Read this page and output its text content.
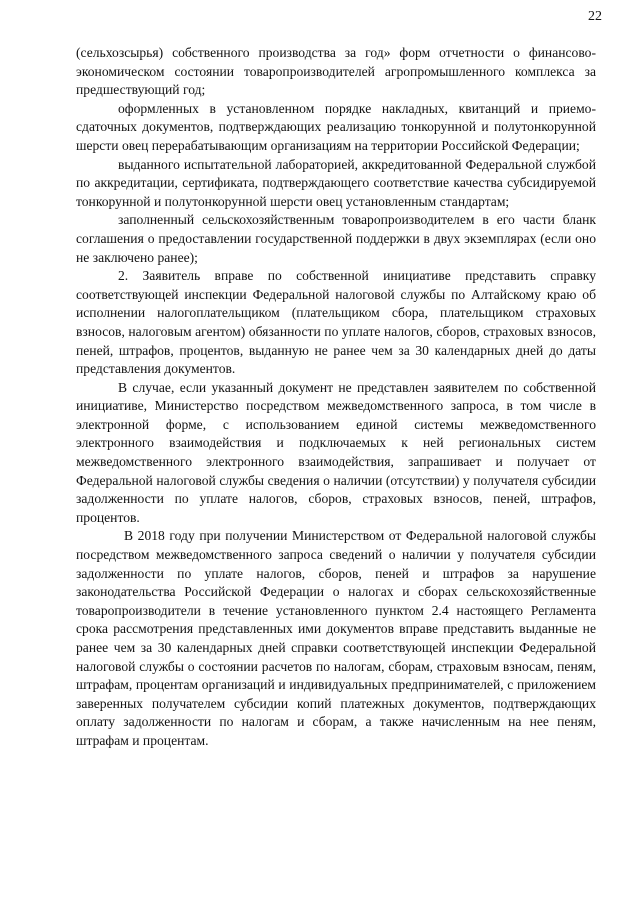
22

(сельхозсырья) собственного производства за год» форм отчетности о финансово-экономическом состоянии товаропроизводителей агропромышленного комплекса за предшествующий год;

оформленных в установленном порядке накладных, квитанций и приемо-сдаточных документов, подтверждающих реализацию тонкорунной и полутонкорунной шерсти овец перерабатывающим организациям на территории Российской Федерации;

выданного испытательной лабораторией, аккредитованной Федеральной службой по аккредитации, сертификата, подтверждающего соответствие качества субсидируемой тонкорунной и полутонкорунной шерсти овец установленным стандартам;

заполненный сельскохозяйственным товаропроизводителем в его части бланк соглашения о предоставлении государственной поддержки в двух экземплярах (если оно не заключено ранее);

2. Заявитель вправе по собственной инициативе представить справку соответствующей инспекции Федеральной налоговой службы по Алтайскому краю об исполнении налогоплательщиком (плательщиком сбора, плательщиком страховых взносов, налоговым агентом) обязанности по уплате налогов, сборов, страховых взносов, пеней, штрафов, процентов, выданную не ранее чем за 30 календарных дней до даты представления документов.

В случае, если указанный документ не представлен заявителем по собственной инициативе, Министерство посредством межведомственного запроса, в том числе в электронной форме, с использованием единой системы межведомственного электронного взаимодействия и подключаемых к ней региональных систем межведомственного электронного взаимодействия, запрашивает и получает от Федеральной налоговой службы сведения о наличии (отсутствии) у получателя субсидии задолженности по уплате налогов, сборов, страховых взносов, пеней, штрафов, процентов.

В 2018 году при получении Министерством от Федеральной налоговой службы посредством межведомственного запроса сведений о наличии у получателя субсидии задолженности по уплате налогов, сборов, пеней и штрафов за нарушение законодательства Российской Федерации о налогах и сборах сельскохозяйственные товаропроизводители в течение установленного пунктом 2.4 настоящего Регламента срока рассмотрения представленных ими документов вправе представить выданные не ранее чем за 30 календарных дней справки соответствующей инспекции Федеральной налоговой службы о состоянии расчетов по налогам, сборам, страховым взносам, пеням, штрафам, процентам организаций и индивидуальных предпринимателей, с приложением заверенных получателем субсидии копий платежных документов, подтверждающих оплату задолженности по налогам и сборам, а также начисленным на нее пеням, штрафам и процентам.
